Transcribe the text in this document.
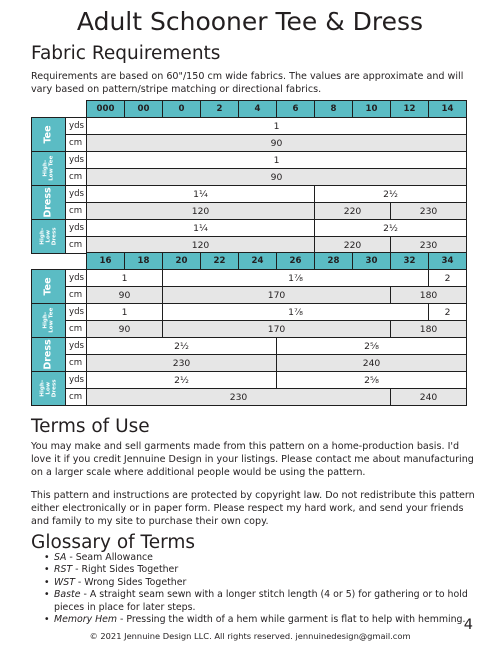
Adult Schooner Tee & Dress
Fabric Requirements

Requirements are based on 60"/150 cm wide fabrics. The values are approximate and will vary based on pattern/stripe matching or directional fabrics.

		000	00	0	2	4	6	8	10	12	14
Tee	yds	1									
	cm	90									

High- Low Tee	yds	1									
	cm	90									
Dress	yds	1¼						2½			
	cm	120						220		230	

High- Low Dress	yds	1¼						2½			
	cm	120						220		230	
		16	18	20	22	24	26	28	30	32	34
Tee	yds	1		1⅞							2
	cm	90		170						180	

High- Low Tee	yds	1		1⅞							2
	cm	90		170						180	
Dress	yds	2½					2⅝				
	cm	230					240				

High- Low Dress	yds	2½					2⅝				
	cm	230								240	
Terms of Use

You may make and sell garments made from this pattern on a home-production basis. I'd love it if you credit Jennuine Design in your listings. Please contact me about manufacturing on a larger scale where additional people would be using the pattern.

This pattern and instructions are protected by copyright law. Do not redistribute this pattern either electronically or in paper form. Please respect my hard work, and send your friends and family to my site to purchase their own copy.

Glossary of Terms
• SA - Seam Allowance
• RST - Right Sides Together
• WST - Wrong Sides Together
• Baste - A straight seam sewn with a longer stitch length (4 or 5) for gathering or to hold pieces in place for later steps.
• Memory Hem - Pressing the width of a hem while garment is flat to help with hemming.
4
© 2021 Jennuine Design LLC. All rights reserved. jennuinedesign@gmail.com
